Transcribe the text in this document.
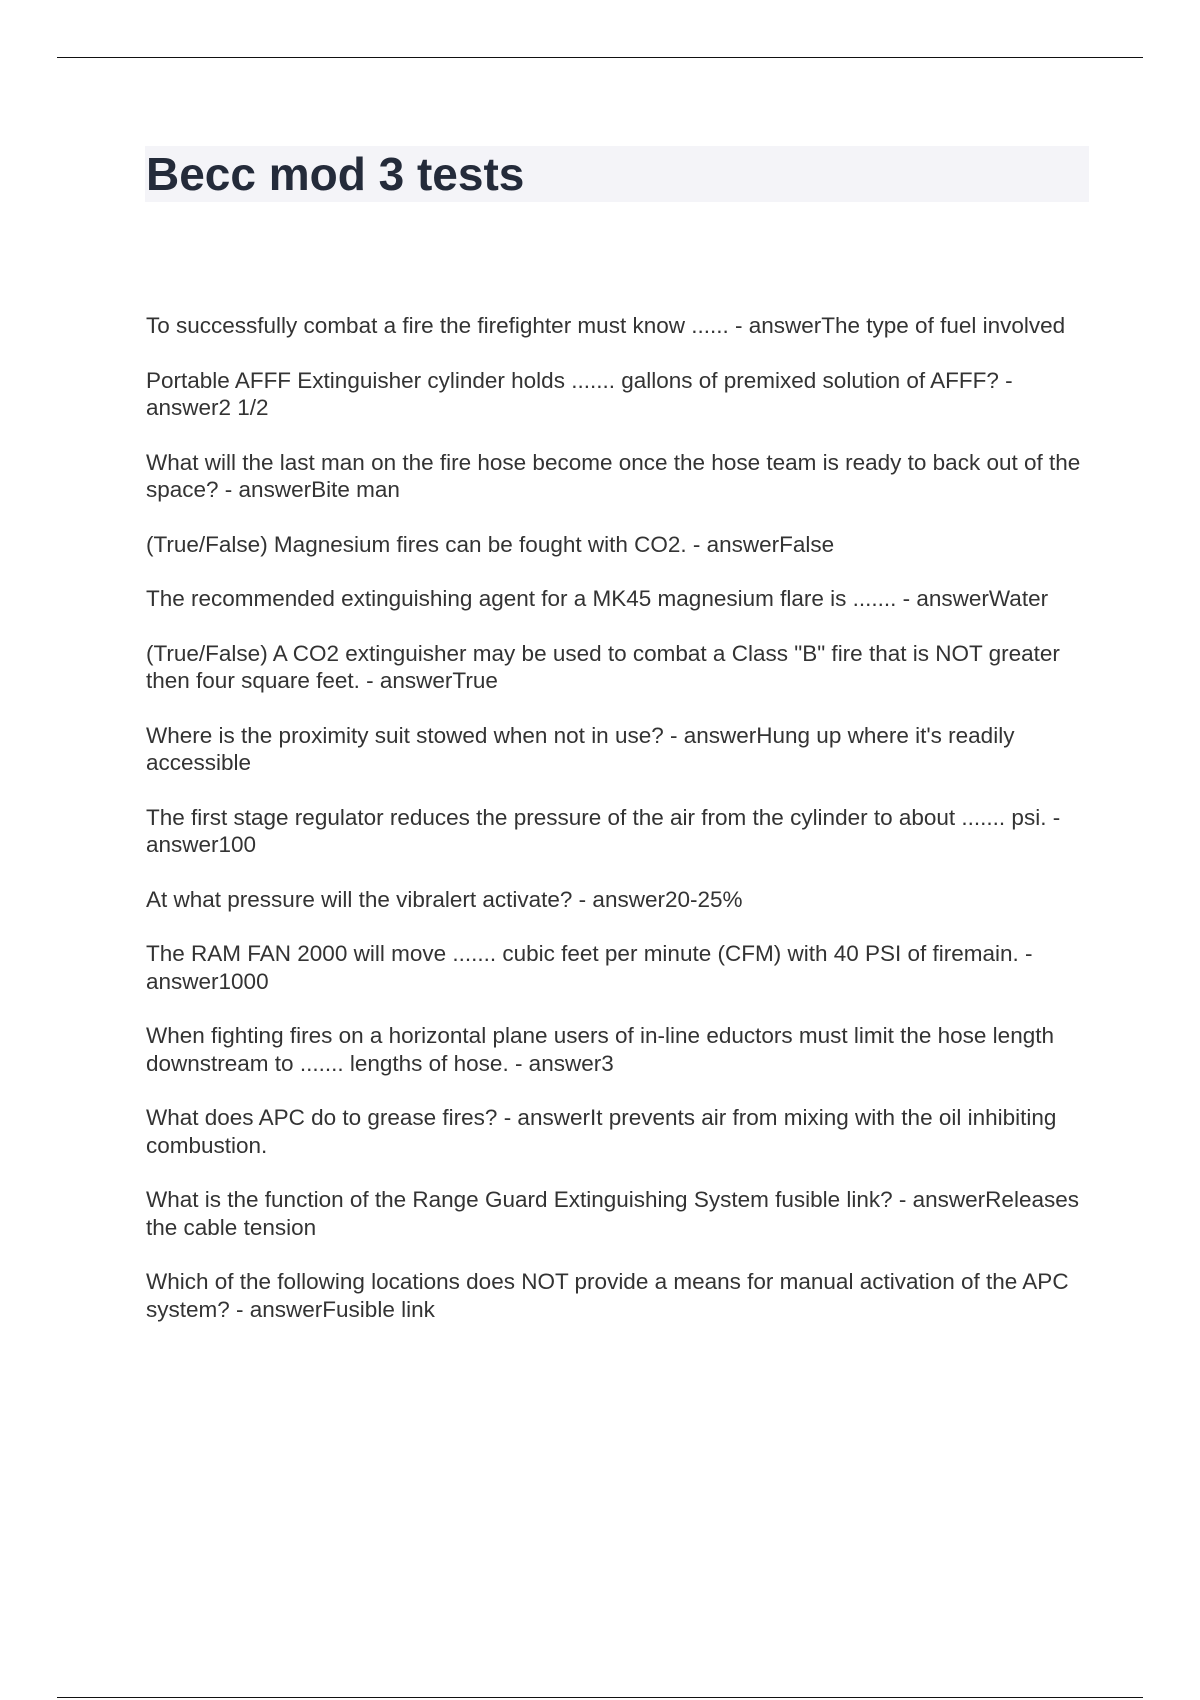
Becc mod 3 tests
To successfully combat a fire the firefighter must know ...... - answerThe type of fuel involved
Portable AFFF Extinguisher cylinder holds ....... gallons of premixed solution of AFFF? - answer2 1/2
What will the last man on the fire hose become once the hose team is ready to back out of the space? - answerBite man
(True/False) Magnesium fires can be fought with CO2. - answerFalse
The recommended extinguishing agent for a MK45 magnesium flare is ....... - answerWater
(True/False) A CO2 extinguisher may be used to combat a Class "B" fire that is NOT greater then four square feet. - answerTrue
Where is the proximity suit stowed when not in use? - answerHung up where it's readily accessible
The first stage regulator reduces the pressure of the air from the cylinder to about ....... psi. - answer100
At what pressure will the vibralert activate? - answer20-25%
The RAM FAN 2000 will move ....... cubic feet per minute (CFM) with 40 PSI of firemain. - answer1000
When fighting fires on a horizontal plane users of in-line eductors must limit the hose length downstream to ....... lengths of hose. - answer3
What does APC do to grease fires? - answerIt prevents air from mixing with the oil inhibiting combustion.
What is the function of the Range Guard Extinguishing System fusible link? - answerReleases the cable tension
Which of the following locations does NOT provide a means for manual activation of the APC system? - answerFusible link
